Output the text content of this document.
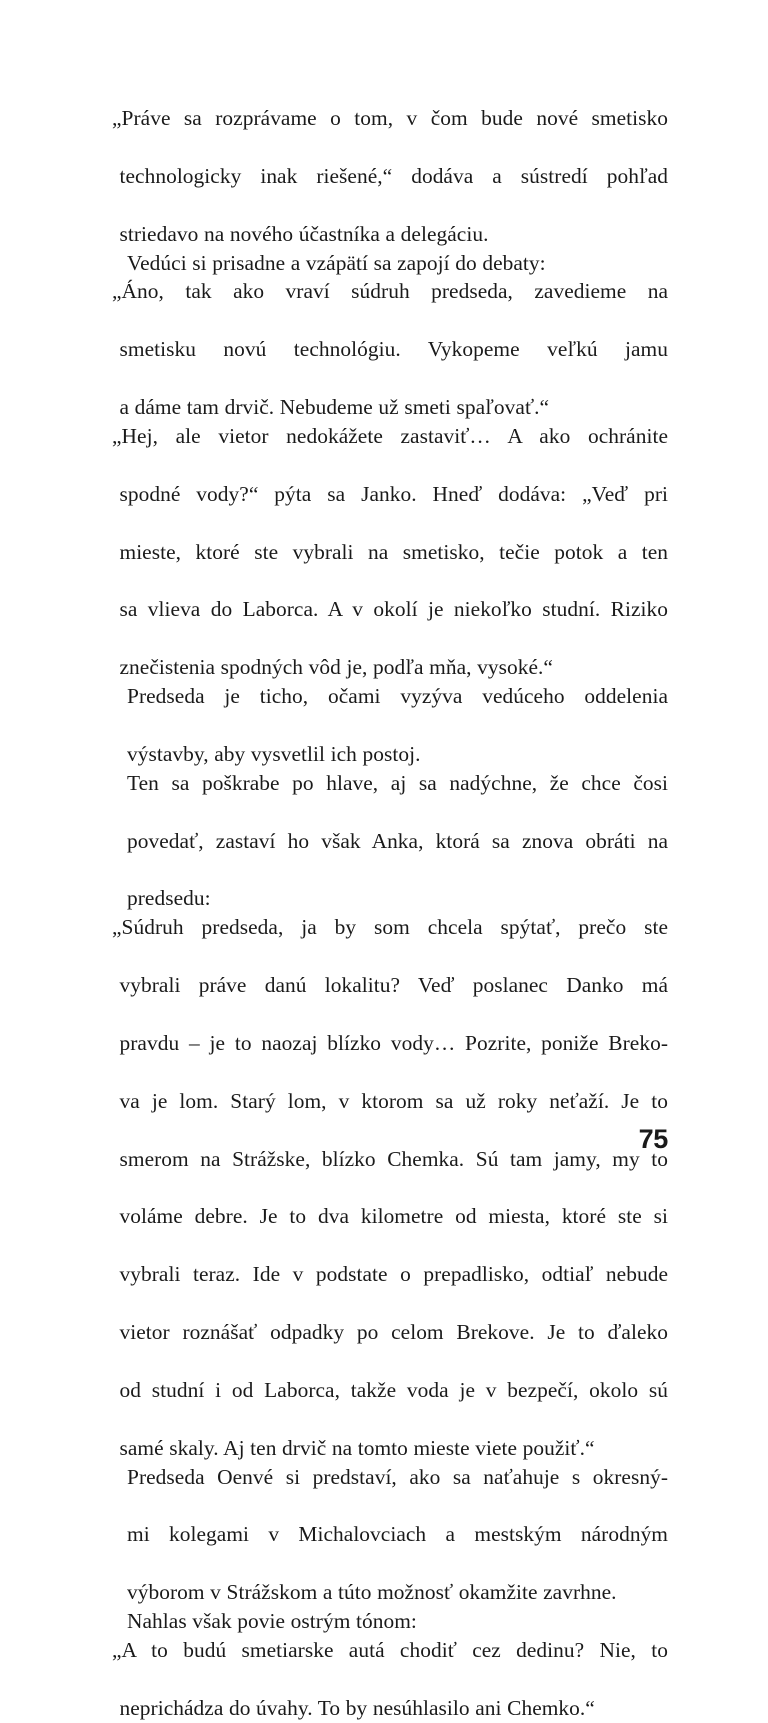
„Práve sa rozprávame o tom, v čom bude nové smetisko
technologicky inak riešené,“ dodáva a sústredí pohľad
striedavo na nového účastníka a delegáciu.

Vedúci si prisadne a vzápätí sa zapojí do debaty:

„Áno, tak ako vraví súdruh predseda, zavedieme na
smetisku novú technológiu. Vykopeme veľkú jamu
a dáme tam drvič. Nebudeme už smeti spaľovať.“

„Hej, ale vietor nedokážete zastaviť… A ako ochránite
spodné vody?“ pýta sa Janko. Hneď dodáva: „Veď pri
mieste, ktoré ste vybrali na smetisko, tečie potok a ten
sa vlieva do Laborca. A v okolí je niekoľko studní. Riziko
znečistenia spodných vôd je, podľa mňa, vysoké.“

Predseda je ticho, očami vyzýva vedúceho oddelenia
výstavby, aby vysvetlil ich postoj.

Ten sa poškrabe po hlave, aj sa nadýchne, že chce čosi
povedať, zastaví ho však Anka, ktorá sa znova obráti na
predsedu:

„Súdruh predseda, ja by som chcela spýtať, prečo ste
vybrali práve danú lokalitu? Veď poslanec Danko má
pravdu – je to naozaj blízko vody… Pozrite, poniže Breko-
va je lom. Starý lom, v ktorom sa už roky neťaží. Je to
smerom na Strážske, blízko Chemka. Sú tam jamy, my to
voláme debre. Je to dva kilometre od miesta, ktoré ste si
vybrali teraz. Ide v podstate o prepadlisko, odtiaľ nebude
vietor roznášať odpadky po celom Brekove. Je to ďaleko
od studní i od Laborca, takže voda je v bezpečí, okolo sú
samé skaly. Aj ten drvič na tomto mieste viete použiť.“

Predseda Oenvé si predstaví, ako sa naťahuje s okresný-
mi kolegami v Michalovciach a mestským národným
výborom v Strážskom a túto možnosť okamžite zavrhne.

Nahlas však povie ostrým tónom:

„A to budú smetiarske autá chodiť cez dedinu? Nie, to
neprichádza do úvahy. To by nesúhlasilo ani Chemko.“

75
